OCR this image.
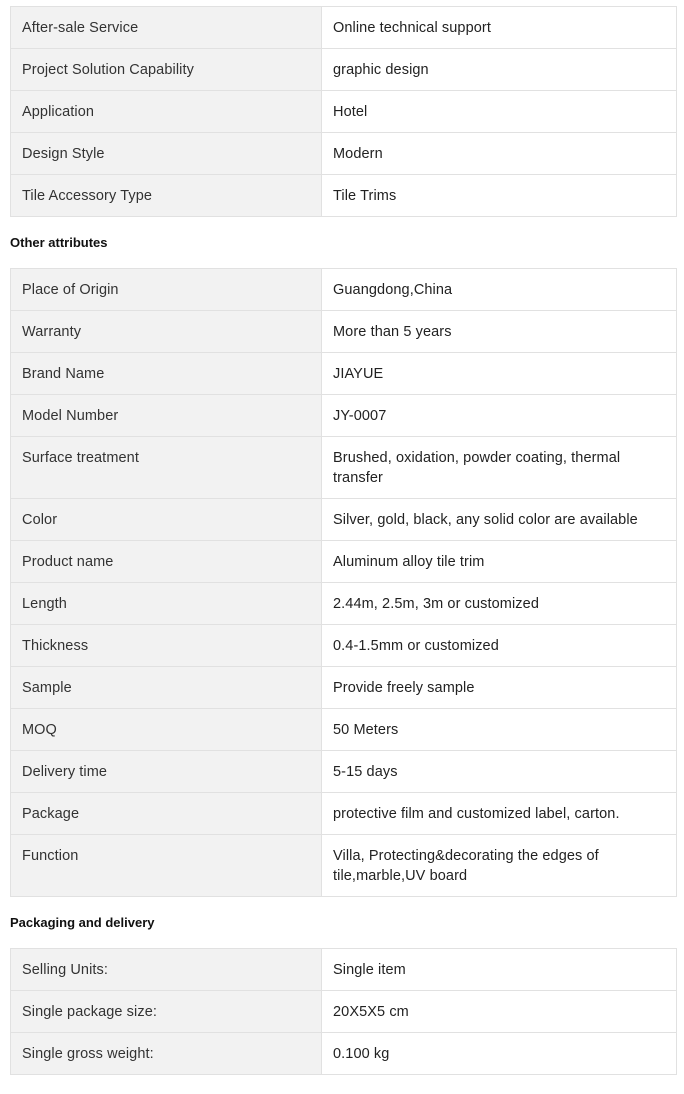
After-sale Service	Online technical support
Project Solution Capability	graphic design
Application	Hotel
Design Style	Modern
Tile Accessory Type	Tile Trims
Other attributes
Place of Origin	Guangdong,China
Warranty	More than 5 years
Brand Name	JIAYUE
Model Number	JY-0007
Surface treatment	Brushed, oxidation, powder coating, thermal transfer
Color	Silver, gold, black, any solid color are available
Product name	Aluminum alloy tile trim
Length	2.44m, 2.5m, 3m or customized
Thickness	0.4-1.5mm or customized
Sample	Provide freely sample
MOQ	50 Meters
Delivery time	5-15 days
Package	protective film and customized label, carton.
Function	Villa, Protecting&decorating the edges of tile,marble,UV board
Packaging and delivery
Selling Units:	Single item
Single package size:	20X5X5 cm
Single gross weight:	0.100 kg
